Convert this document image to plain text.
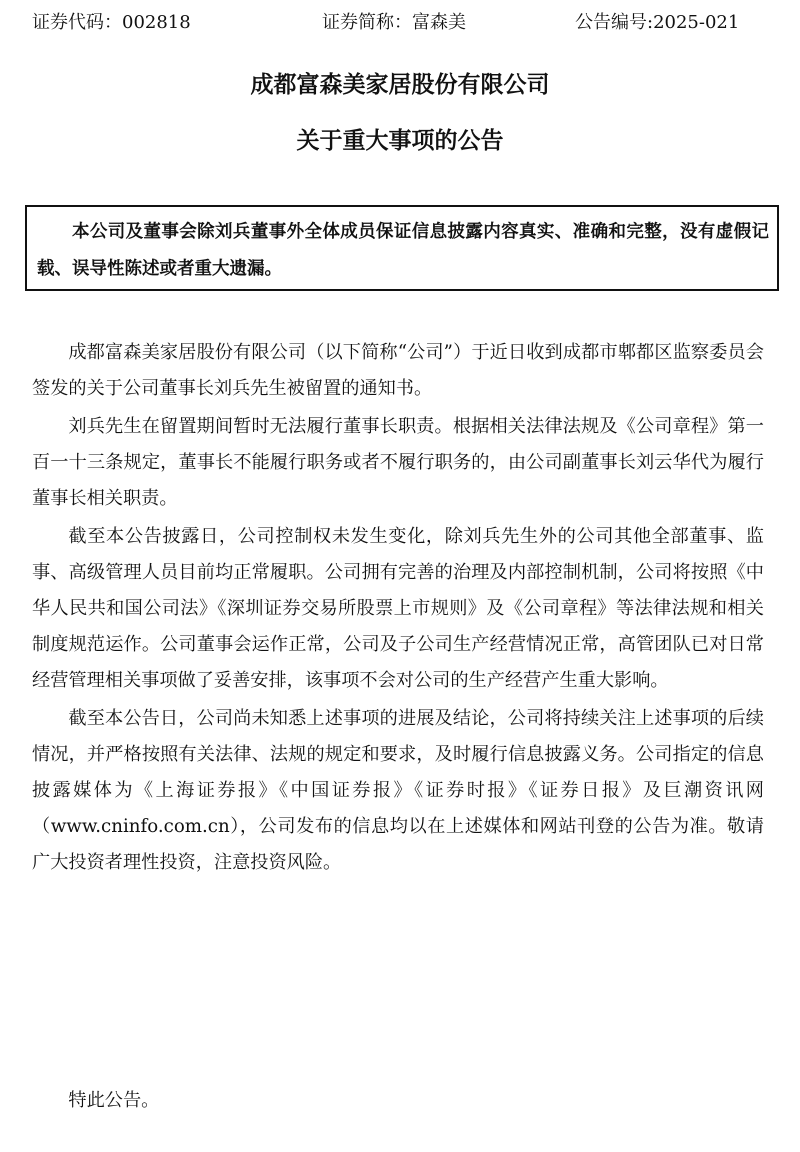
证券代码：002818	证券简称：富森美	公告编号:2025-021
成都富森美家居股份有限公司
关于重大事项的公告
本公司及董事会除刘兵董事外全体成员保证信息披露内容真实、准确和完整，没有虚假记载、误导性陈述或者重大遗漏。

成都富森美家居股份有限公司（以下简称“公司”）于近日收到成都市郫都区监察委员会签发的关于公司董事长刘兵先生被留置的通知书。

刘兵先生在留置期间暂时无法履行董事长职责。根据相关法律法规及《公司章程》第一百一十三条规定，董事长不能履行职务或者不履行职务的，由公司副董事长刘云华代为履行董事长相关职责。

截至本公告披露日，公司控制权未发生变化，除刘兵先生外的公司其他全部董事、监事、高级管理人员目前均正常履职。公司拥有完善的治理及内部控制机制，公司将按照《中华人民共和国公司法》《深圳证券交易所股票上市规则》及《公司章程》等法律法规和相关制度规范运作。公司董事会运作正常，公司及子公司生产经营情况正常，高管团队已对日常经营管理相关事项做了妥善安排，该事项不会对公司的生产经营产生重大影响。

截至本公告日，公司尚未知悉上述事项的进展及结论，公司将持续关注上述事项的后续情况，并严格按照有关法律、法规的规定和要求，及时履行信息披露义务。公司指定的信息披露媒体为《上海证券报》《中国证券报》《证券时报》《证券日报》及巨潮资讯网（www.cninfo.com.cn），公司发布的信息均以在上述媒体和网站刊登的公告为准。敬请广大投资者理性投资，注意投资风险。

特此公告。
